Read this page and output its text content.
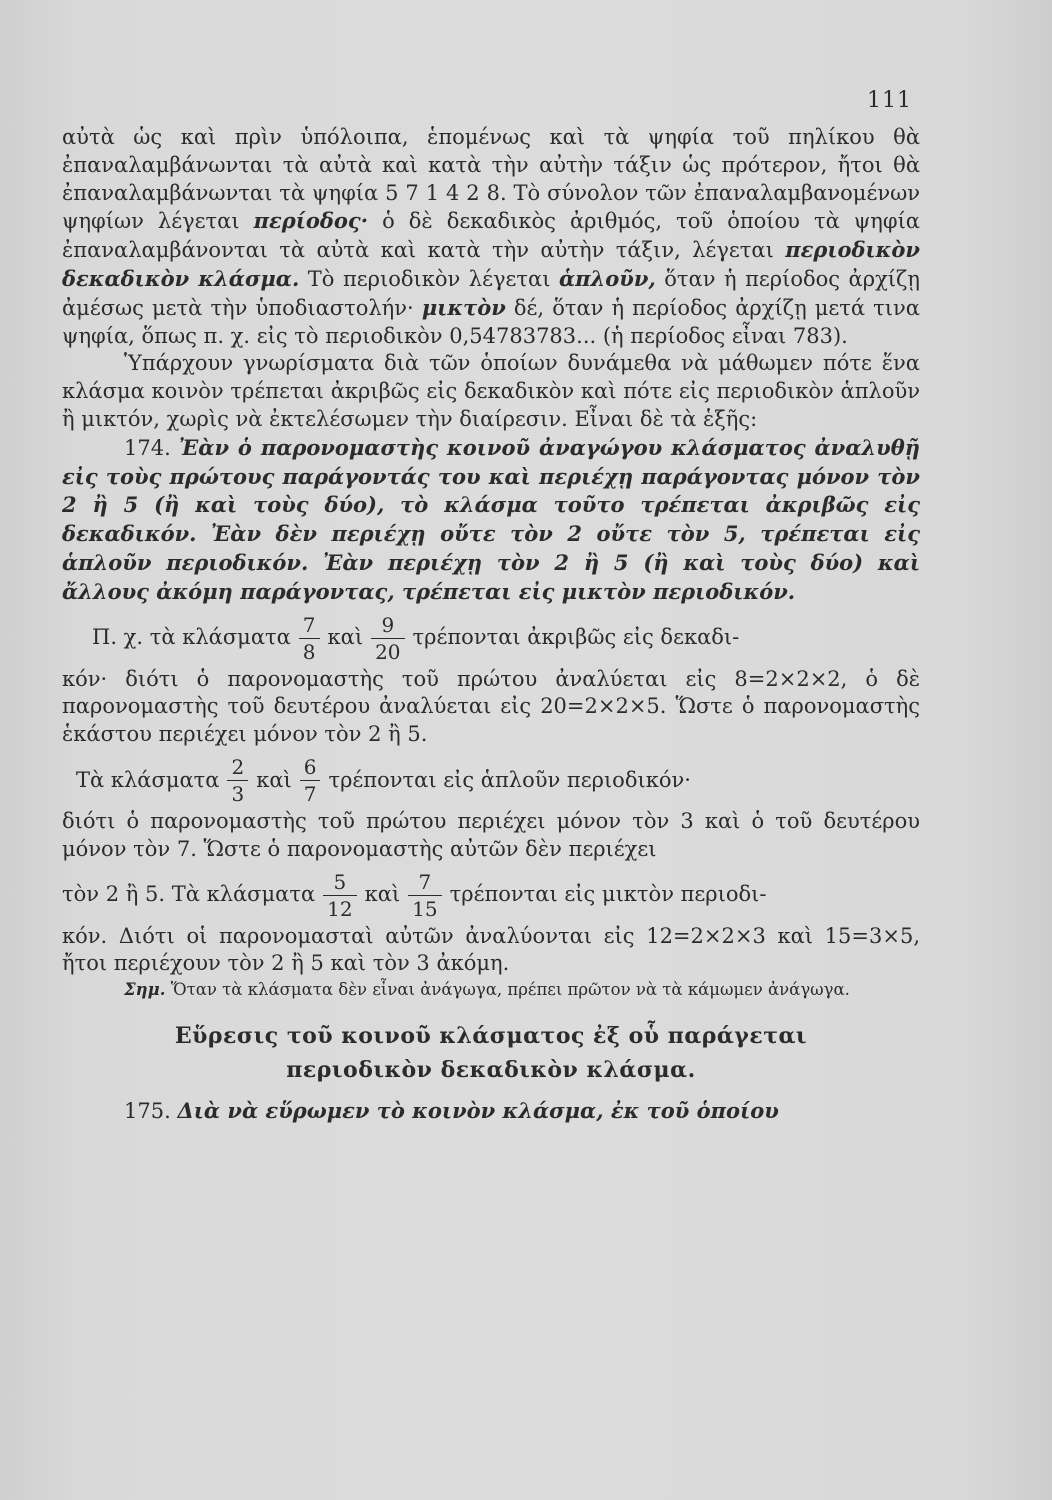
111

αὐτὰ ὡς καὶ πρὶν ὑπόλοιπα, ἑπομένως καὶ τὰ ψηφία τοῦ πηλίκου θὰ ἐπαναλαμβάνωνται τὰ αὐτὰ καὶ κατὰ τὴν αὐτὴν τάξιν ὡς πρότερον, ἤτοι θὰ ἐπαναλαμβάνωνται τὰ ψηφία 5 7 1 4 2 8. Τὸ σύνολον τῶν ἐπαναλαμβανομένων ψηφίων λέγεται περίοδος· ὁ δὲ δεκαδικὸς ἀριθμός, τοῦ ὁποίου τὰ ψηφία ἐπαναλαμβάνονται τὰ αὐτὰ καὶ κατὰ τὴν αὐτὴν τάξιν, λέγεται περιοδικὸν δεκαδικὸν κλάσμα. Τὸ περιοδικὸν λέγεται ἁπλοῦν, ὅταν ἡ περίοδος ἀρχίζῃ ἀμέσως μετὰ τὴν ὑποδιαστολήν· μικτὸν δέ, ὅταν ἡ περίοδος ἀρχίζῃ μετά τινα ψηφία, ὅπως π. χ. εἰς τὸ περιοδικὸν 0,54783783... (ἡ περίοδος εἶναι 783).

Ὑπάρχουν γνωρίσματα διὰ τῶν ὁποίων δυνάμεθα νὰ μάθωμεν πότε ἕνα κλάσμα κοινὸν τρέπεται ἀκριβῶς εἰς δεκαδικὸν καὶ πότε εἰς περιοδικὸν ἁπλοῦν ἢ μικτόν, χωρὶς νὰ ἐκτελέσωμεν τὴν διαίρεσιν. Εἶναι δὲ τὰ ἑξῆς:

174. Ἐὰν ὁ παρονομαστὴς κοινοῦ ἀναγώγου κλάσματος ἀναλυθῇ εἰς τοὺς πρώτους παράγοντάς του καὶ περιέχῃ παράγοντας μόνον τὸν 2 ἢ 5 (ἢ καὶ τοὺς δύο), τὸ κλάσμα τοῦτο τρέπεται ἀκριβῶς εἰς δεκαδικόν. Ἐὰν δὲν περιέχῃ οὔτε τὸν 2 οὔτε τὸν 5, τρέπεται εἰς ἁπλοῦν περιοδικόν. Ἐὰν περιέχῃ τὸν 2 ἢ 5 (ἢ καὶ τοὺς δύο) καὶ ἄλλους ἀκόμη παράγοντας, τρέπεται εἰς μικτὸν περιοδικόν.

Π. χ. τὰ κλάσματα $\frac{7}{8}$ καὶ $\frac{9}{20}$ τρέπονται ἀκριβῶς εἰς δεκαδι-

κόν· διότι ὁ παρονομαστὴς τοῦ πρώτου ἀναλύεται εἰς 8=2×2×2, ὁ δὲ παρονομαστὴς τοῦ δευτέρου ἀναλύεται εἰς 20=2×2×5. Ὥστε ὁ παρονομαστὴς ἑκάστου περιέχει μόνον τὸν 2 ἢ 5.

Τὰ κλάσματα $\frac{2}{3}$ καὶ $\frac{6}{7}$ τρέπονται εἰς ἁπλοῦν περιοδικόν·

διότι ὁ παρονομαστὴς τοῦ πρώτου περιέχει μόνον τὸν 3 καὶ ὁ τοῦ δευτέρου μόνον τὸν 7. Ὥστε ὁ παρονομαστὴς αὐτῶν δὲν περιέχει

τὸν 2 ἢ 5. Τὰ κλάσματα $\frac{5}{12}$ καὶ $\frac{7}{15}$ τρέπονται εἰς μικτὸν περιοδι-

κόν. Διότι οἱ παρονομασταὶ αὐτῶν ἀναλύονται εἰς 12=2×2×3 καὶ 15=3×5, ἤτοι περιέχουν τὸν 2 ἢ 5 καὶ τὸν 3 ἀκόμη.

Σημ. Ὅταν τὰ κλάσματα δὲν εἶναι ἀνάγωγα, πρέπει πρῶτον νὰ τὰ κάμωμεν ἀνάγωγα.

Εὕρεσις τοῦ κοινοῦ κλάσματος ἐξ οὗ παράγεται
περιοδικὸν δεκαδικὸν κλάσμα.

175. Διὰ νὰ εὕρωμεν τὸ κοινὸν κλάσμα, ἐκ τοῦ ὁποίου
